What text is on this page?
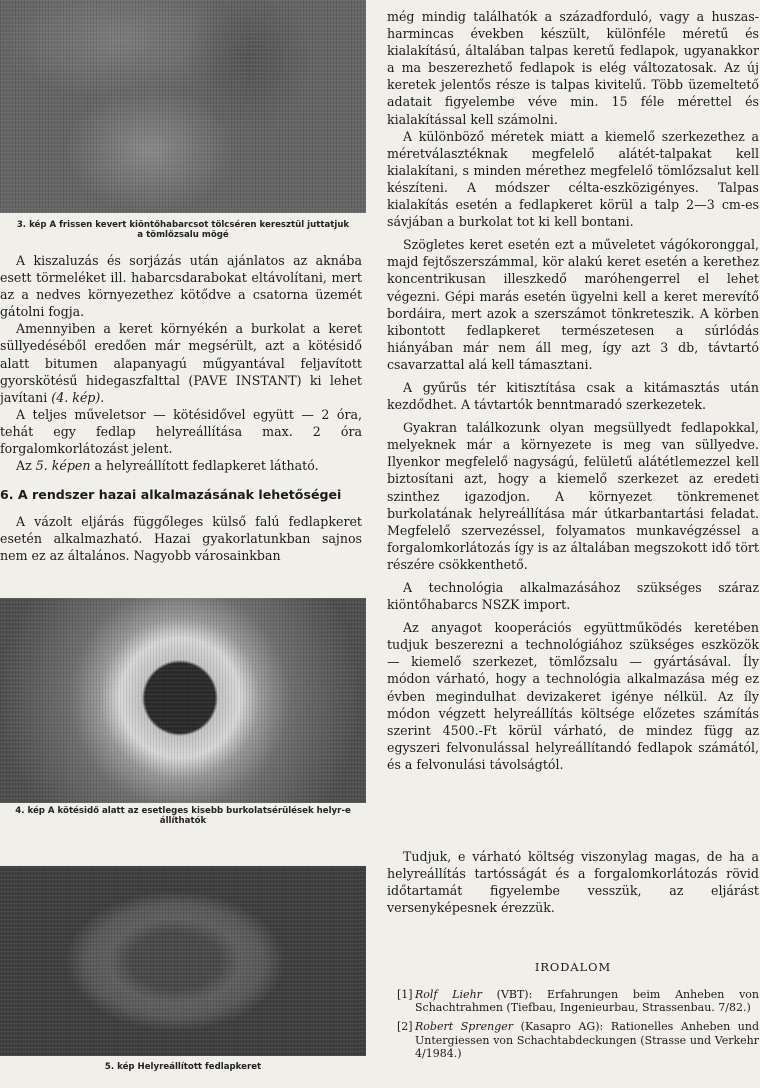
3. kép A frissen kevert kiöntőhabarcsot tölcséren keresztül juttatjuk
a tömlőzsalu mögé

A kiszaluzás és sorjázás után ajánlatos az aknába esett törmeléket ill. habarcsdarabokat eltávolítani, mert az a nedves környezethez kötődve a csatorna üzemét gátolni fogja.

Amennyiben a keret környékén a burkolat a keret süllyedéséből eredően már megsérült, azt a kötésidő alatt bitumen alapanyagú műgyantával feljavított gyorskötésű hidegaszfalttal (PAVE INSTANT) ki lehet javítani (4. kép).

A teljes műveletsor — kötésidővel együtt — 2 óra, tehát egy fedlap helyreállítása max. 2 óra forgalomkorlátozást jelent.

Az 5. képen a helyreállított fedlapkeret látható.

6. A rendszer hazai alkalmazásának lehetőségei

A vázolt eljárás függőleges külső falú fedlapkeret esetén alkalmazható. Hazai gyakorlatunkban sajnos nem ez az általános. Nagyobb városainkban

4. kép A kötésidő alatt az esetleges kisebb burkolatsérülések helyr-e
állíthatók
5. kép Helyreállított fedlapkeret

még mindig találhatók a századforduló, vagy a huszas-harmincas években készült, különféle méretű és kialakítású, általában talpas keretű fedlapok, ugyanakkor a ma beszerezhető fedlapok is elég változatosak. Az új keretek jelentős része is talpas kivitelű. Több üzemeltető adatait figyelembe véve min. 15 féle mérettel és kialakítással kell számolni.

A különböző méretek miatt a kiemelő szerkezethez a méretválasztéknak megfelelő alátét-talpakat kell kialakítani, s minden mérethez megfelelő tömlőzsalut kell készíteni. A módszer célta-eszközigényes. Talpas kialakítás esetén a fedlapkeret körül a talp 2—3 cm-es sávjában a burkolat tot ki kell bontani.

Szögletes keret esetén ezt a műveletet vágókoronggal, majd fejtőszerszámmal, kör alakú keret esetén a kerethez koncentrikusan illeszkedő maróhengerrel el lehet végezni. Gépi marás esetén ügyelni kell a keret merevítő bordáira, mert azok a szerszámot tönkreteszik. A körben kibontott fedlapkeret természetesen a súrlódás hiányában már nem áll meg, így azt 3 db, távtartó csavarzattal alá kell támasztani.

A gyűrűs tér kitisztítása csak a kitámasztás után kezdődhet. A távtartók benntmaradó szerkezetek.

Gyakran találkozunk olyan megsüllyedt fedlapokkal, melyeknek már a környezete is meg van süllyedve. Ilyenkor megfelelő nagyságú, felületű alátétlemezzel kell biztosítani azt, hogy a kiemelő szerkezet az eredeti szinthez igazodjon. A környezet tönkremenet burkolatának helyreállítása már útkarbantartási feladat. Megfelelő szervezéssel, folyamatos munkavégzéssel a forgalomkorlátozás így is az általában megszokott idő tört részére csökkenthető.

A technológia alkalmazásához szükséges száraz kiöntőhabarcs NSZK import.

Az anyagot kooperációs együttműködés keretében tudjuk beszerezni a technológiához szükséges eszközök — kiemelő szerkezet, tömlőzsalu — gyártásával. Íly módon várható, hogy a technológia alkalmazása még ez évben megindulhat devizakeret igénye nélkül. Az íly módon végzett helyreállítás költsége előzetes számítás szerint 4500.-Ft körül várható, de mindez függ az egyszeri felvonulással helyreállítandó fedlapok számától, és a felvonulási távolságtól.

Tudjuk, e várható költség viszonylag magas, de ha a helyreállítás tartósságát és a forgalomkorlátozás rövid időtartamát figyelembe vesszük, az eljárást versenyképesnek érezzük.

IRODALOM
[1] Rolf Liehr (VBT): Erfahrungen beim Anheben von Schachtrahmen (Tiefbau, Ingenieurbau, Strassenbau. 7/82.)
[2] Robert Sprenger (Kasapro AG): Rationelles Anheben und Untergiessen von Schachtabdeckungen (Strasse und Verkehr 4/1984.)
